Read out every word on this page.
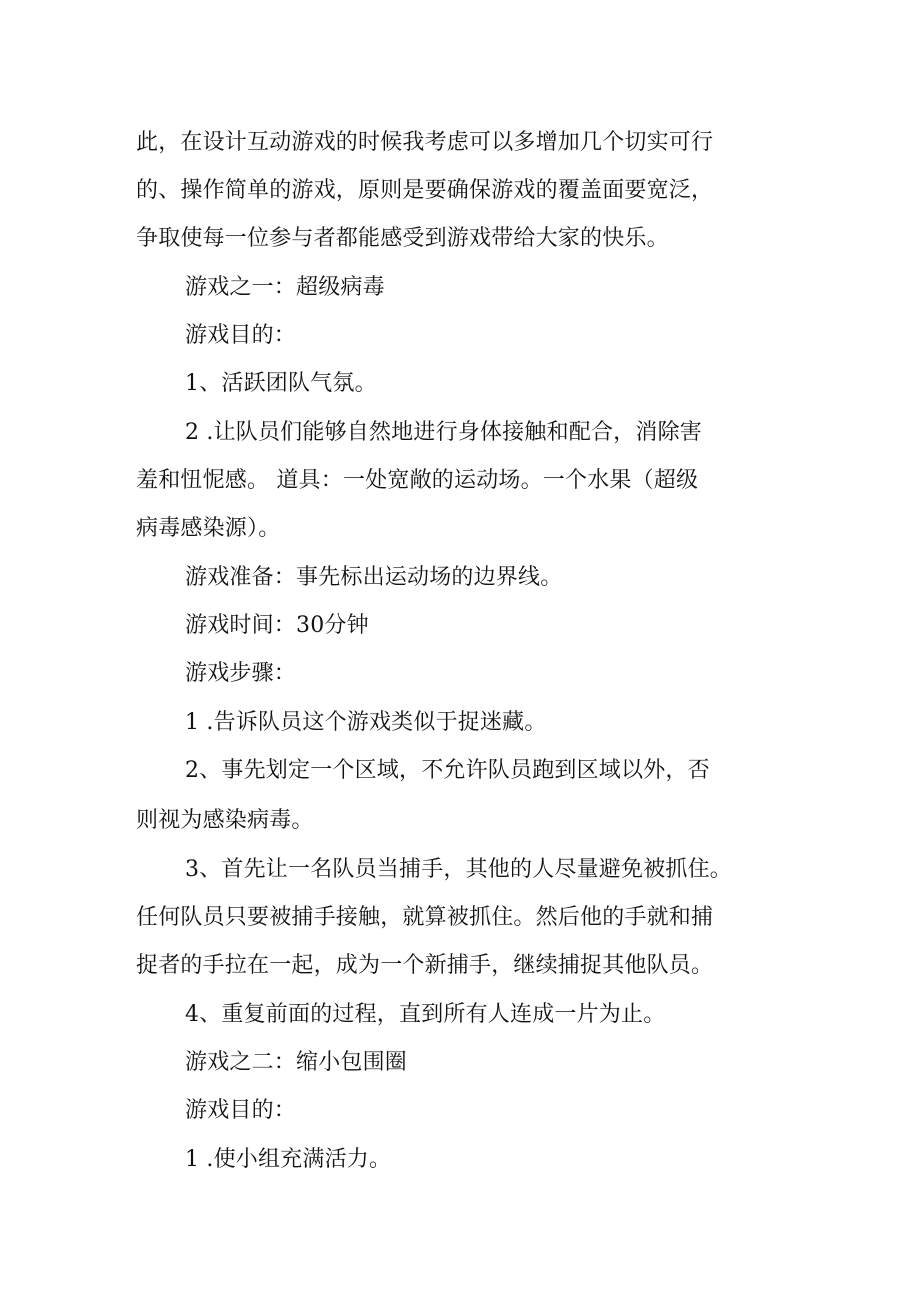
此，在设计互动游戏的时候我考虑可以多增加几个切实可行
的、操作简单的游戏，原则是要确保游戏的覆盖面要宽泛，
争取使每一位参与者都能感受到游戏带给大家的快乐。
游戏之一：超级病毒
游戏目的：
1、活跃团队气氛。
2 .让队员们能够自然地进行身体接触和配合，消除害
羞和忸怩感。 道具：一处宽敞的运动场。一个水果（超级
病毒感染源）。
游戏准备：事先标出运动场的边界线。
游戏时间：30分钟
游戏步骤：
1 .告诉队员这个游戏类似于捉迷藏。
2、事先划定一个区域，不允许队员跑到区域以外，否
则视为感染病毒。
3、首先让一名队员当捕手，其他的人尽量避免被抓住。
任何队员只要被捕手接触，就算被抓住。然后他的手就和捕
捉者的手拉在一起，成为一个新捕手，继续捕捉其他队员。
4、重复前面的过程，直到所有人连成一片为止。
游戏之二：缩小包围圈
游戏目的：
1 .使小组充满活力。
